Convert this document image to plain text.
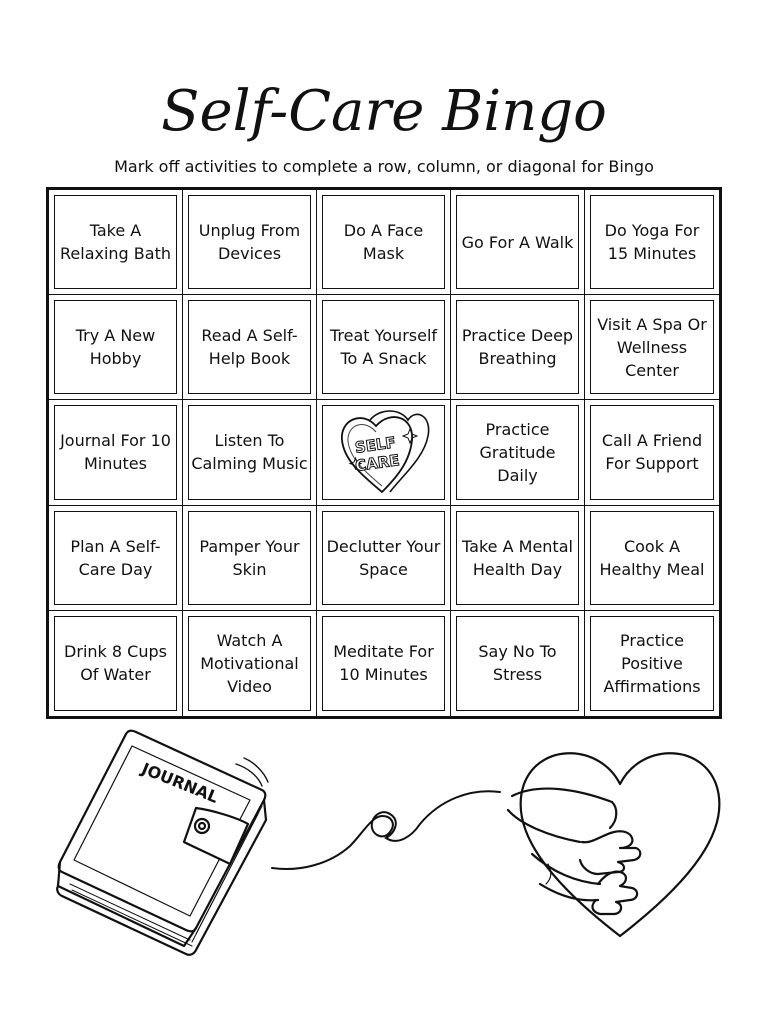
Self-Care Bingo
Mark off activities to complete a row, column, or diagonal for Bingo
Take A Relaxing Bath
Unplug From Devices
Do A Face Mask
Go For A Walk
Do Yoga For 15 Minutes
Try A New Hobby
Read A Self-Help Book
Treat Yourself To A Snack
Practice Deep Breathing
Visit A Spa Or Wellness Center
Journal For 10 Minutes
Listen To Calming Music
SELF
CARE
Practice Gratitude Daily
Call A Friend For Support
Plan A Self-Care Day
Pamper Your Skin
Declutter Your Space
Take A Mental Health Day
Cook A Healthy Meal
Drink 8 Cups Of Water
Watch A Motivational Video
Meditate For 10 Minutes
Say No To Stress
Practice Positive Affirmations
JOURNAL
